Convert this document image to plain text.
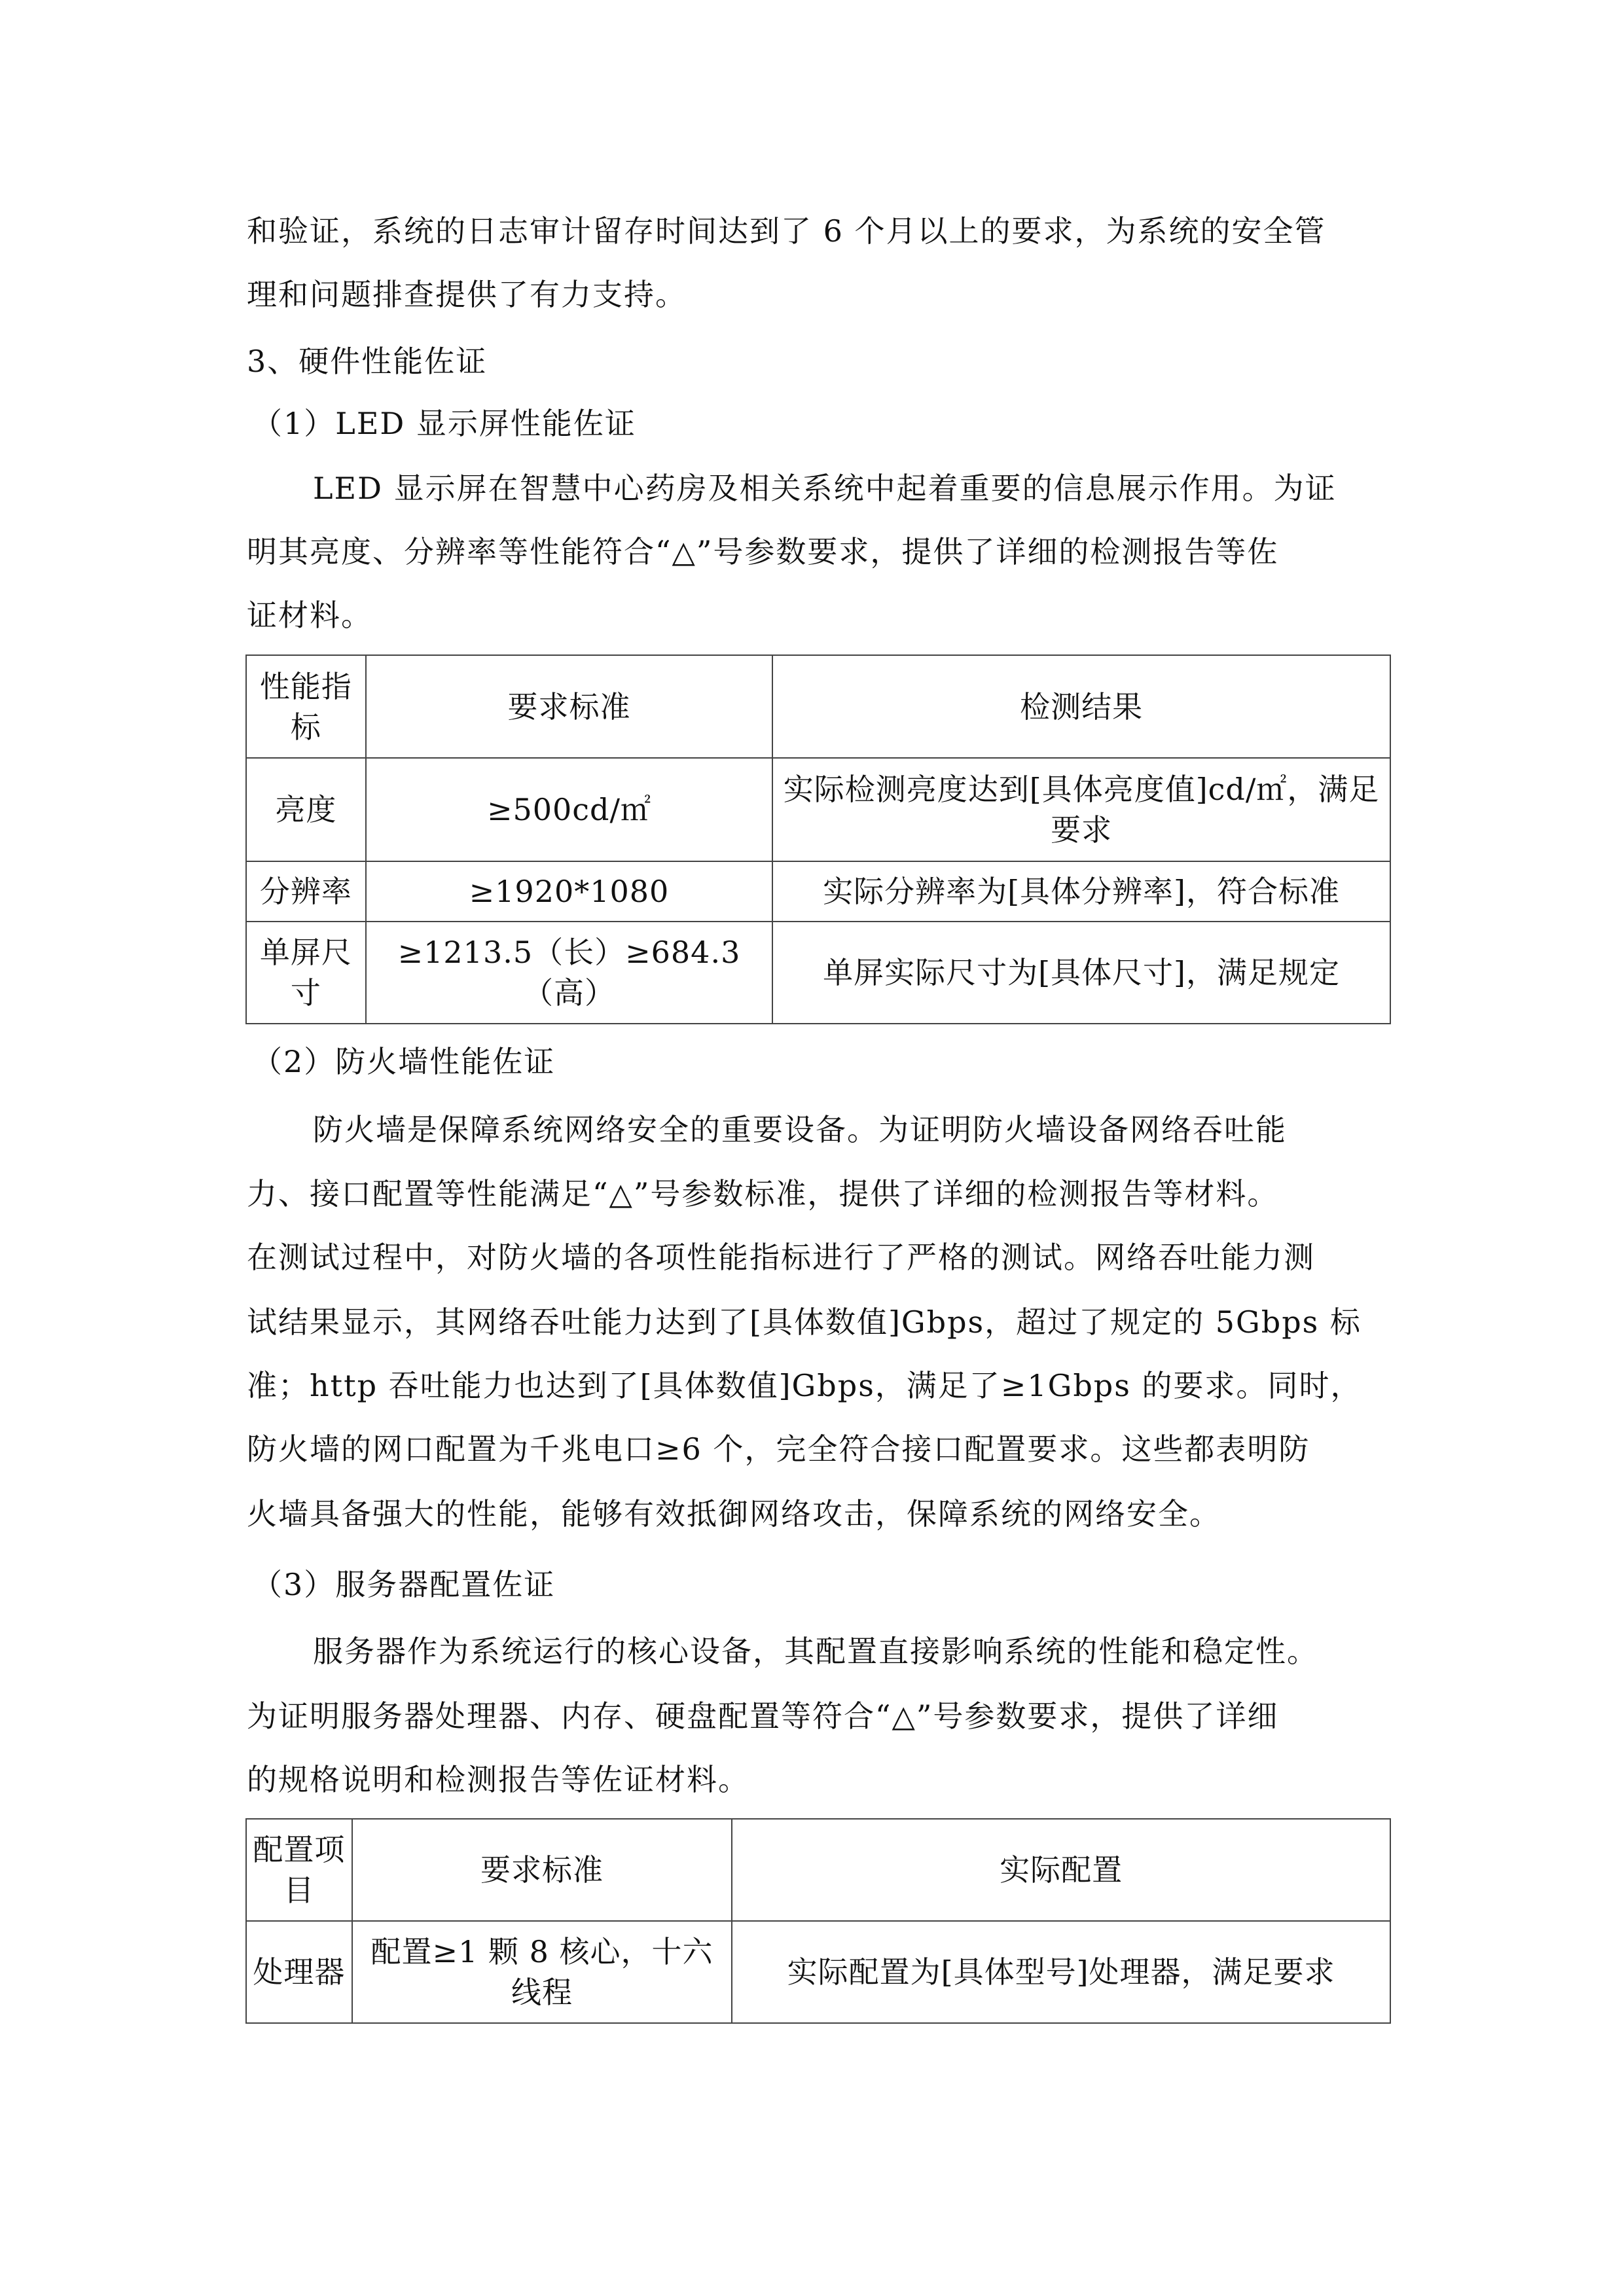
和验证，系统的日志审计留存时间达到了 6 个月以上的要求，为系统的安全管
理和问题排查提供了有力支持。
3、硬件性能佐证
（1）LED 显示屏性能佐证
LED 显示屏在智慧中心药房及相关系统中起着重要的信息展示作用。为证
明其亮度、分辨率等性能符合“△”号参数要求，提供了详细的检测报告等佐
证材料。
性能指标	要求标准	检测结果
亮度	≥500cd/㎡	实际检测亮度达到[具体亮度值]cd/㎡，满足要求
分辨率	≥1920*1080	实际分辨率为[具体分辨率]，符合标准
单屏尺寸	≥1213.5（长）≥684.3（高）	单屏实际尺寸为[具体尺寸]，满足规定
（2）防火墙性能佐证
防火墙是保障系统网络安全的重要设备。为证明防火墙设备网络吞吐能
力、接口配置等性能满足“△”号参数标准，提供了详细的检测报告等材料。
在测试过程中，对防火墙的各项性能指标进行了严格的测试。网络吞吐能力测
试结果显示，其网络吞吐能力达到了[具体数值]Gbps，超过了规定的 5Gbps 标
准；http 吞吐能力也达到了[具体数值]Gbps，满足了≥1Gbps 的要求。同时，
防火墙的网口配置为千兆电口≥6 个，完全符合接口配置要求。这些都表明防
火墙具备强大的性能，能够有效抵御网络攻击，保障系统的网络安全。
（3）服务器配置佐证
服务器作为系统运行的核心设备，其配置直接影响系统的性能和稳定性。
为证明服务器处理器、内存、硬盘配置等符合“△”号参数要求，提供了详细
的规格说明和检测报告等佐证材料。
配置项目	要求标准	实际配置
处理器	配置≥1 颗 8 核心，十六线程	实际配置为[具体型号]处理器，满足要求
